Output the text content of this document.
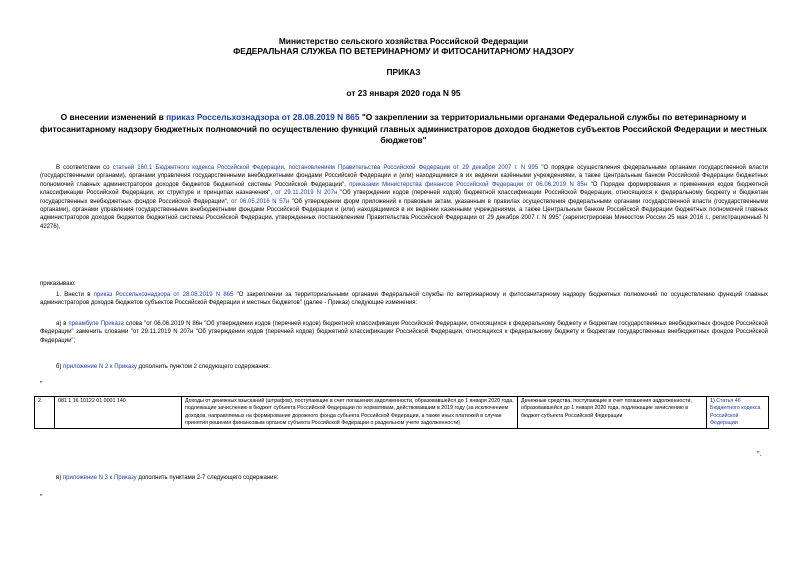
Министерство сельского хозяйства Российской Федерации
ФЕДЕРАЛЬНАЯ СЛУЖБА ПО ВЕТЕРИНАРНОМУ И ФИТОСАНИТАРНОМУ НАДЗОРУ
ПРИКАЗ
от 23 января 2020 года N 95
О внесении изменений в приказ Россельхознадзора от 28.08.2019 N 865 "О закреплении за территориальными органами Федеральной службы по ветеринарному и фитосанитарному надзору бюджетных полномочий по осуществлению функций главных администраторов доходов бюджетов субъектов Российской Федерации и местных бюджетов"
В соответствии со статьей 160.1 Бюджетного кодекса Российской Федерации, постановлением Правительства Российской Федерации от 29 декабря 2007 г. N 995 "О порядке осуществления федеральными органами государственной власти (государственными органами), органами управления государственными внебюджетными фондами Российской Федерации и (или) находящимися в их ведении казёнными учреждениями, а также Центральным банком Российской Федерации бюджетных полномочий главных администраторов доходов бюджетов бюджетной системы Российской Федерации", приказами Министерства финансов Российской Федерации от 06.06.2019 N 85н "О Порядке формирования и применения кодов бюджетной классификации Российской Федерации, их структуре и принципах назначения", от 29.11.2019 N 207н "Об утверждении кодов (перечней кодов) бюджетной классификации Российской Федерации, относящихся к федеральному бюджету и бюджетам государственных внебюджетных фондов Российской Федерации", от 06.05.2016 N 57н "Об утверждении форм приложений к правовым актам, указанным в правилах осуществления федеральными органами государственной власти (государственными органами), органами управления государственными внебюджетными фондами Российской Федерации и (или) находящимися в их ведении казенными учреждениями, а также Центральным банком Российской Федерации бюджетных полномочий главных администраторов доходов бюджетов бюджетной системы Российской Федерации, утвержденных постановлением Правительства Российской Федерации от 29 декабря 2007 г. N 995" (зарегистрирован Минюстом России 25 мая 2016 г., регистрационный N 42276),
приказываю:
1. Внести в приказ Россельхознадзора от 28.08.2019 N 865 "О закреплении за территориальными органами Федеральной службы по ветеринарному и фитосанитарному надзору бюджетных полномочий по осуществлению функций главных администраторов доходов бюджетов субъектов Российской Федерации и местных бюджетов" (далее - Приказ) следующие изменения:
а) в преамбуле Приказа слова "от 06.06.2019 N 86н "Об утверждении кодов (перечней кодов) бюджетной классификации Российской Федерации, относящихся к федеральному бюджету и бюджетам государственных внебюджетных фондов Российской Федерации" заменить словами "от 29.11.2019 N 207н "Об утверждении кодов (перечней кодов) бюджетной классификации Российской Федерации, относящихся к федеральному бюджету и бюджетам государственных внебюджетных фондов Российской Федерации";
б) приложение N 2 к Приказу дополнить пунктом 2 следующего содержания:
"
2.	081 1 16 10122 01 0001 140	Доходы от денежных взысканий (штрафов), поступающие в счет погашения задолженности, образовавшейся до 1 января 2020 года, подлежащие зачислению в бюджет субъекта Российской Федерации по нормативам, действовавшим в 2019 году (за исключением доходов, направляемых на формирование дорожного фонда субъекта Российской Федерации, а также иных платежей в случае принятия решения финансовым органом субъекта Российской Федерации о раздельном учете задолженности)	Денежные средства, поступающие в счет погашения задолженности, образовавшейся до 1 января 2020 года, подлежащие зачислению в бюджет субъекта Российской Федерации	1) Статья 46 Бюджетного кодекса Российской Федерации
".
в) приложение N 3 к Приказу дополнить пунктами 2-7 следующего содержания:
"
